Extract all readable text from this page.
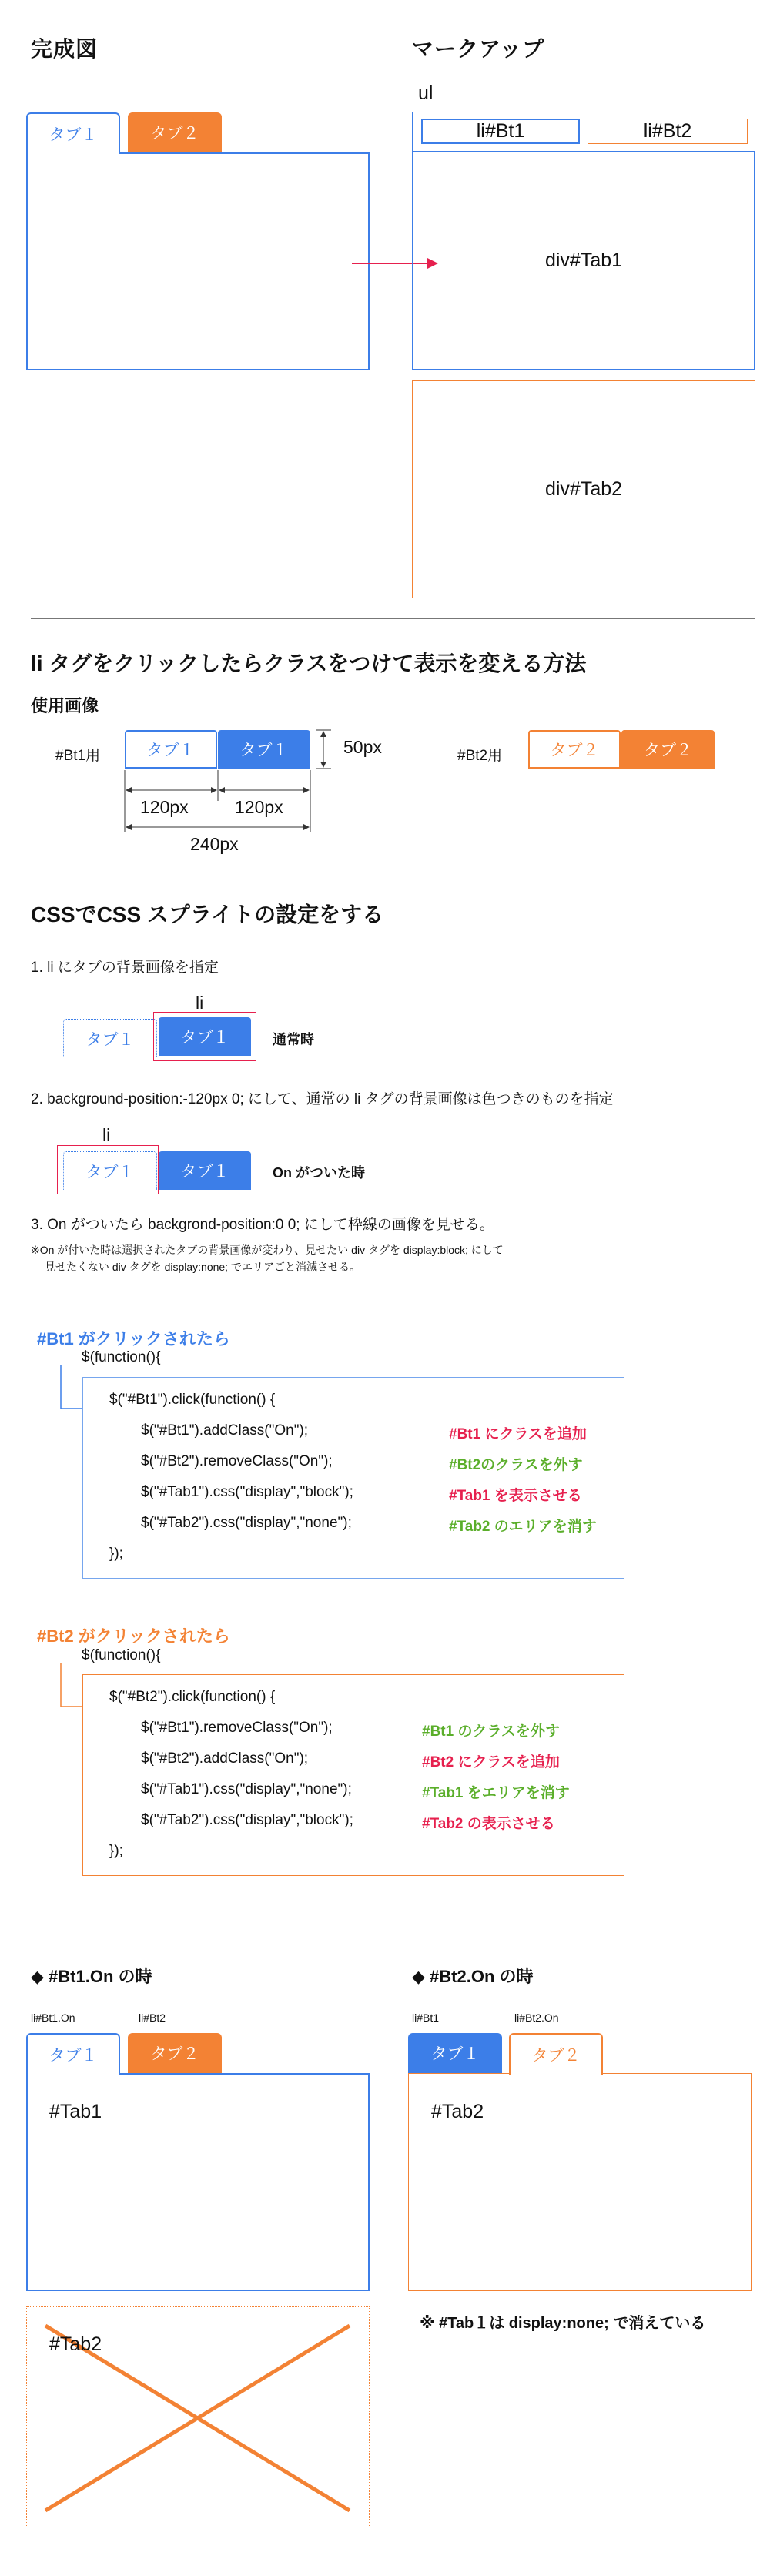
完成図	マークアップ
タブ１	タブ２
ul
li#Bt1	li#Bt2
div#Tab1
div#Tab2
li タグをクリックしたらクラスをつけて表示を変える方法
使用画像
#Bt1用	タブ１	タブ１	50px
120px	120px
240px
#Bt2用	タブ２	タブ２
CSSでCSS スプライトの設定をする
1. li にタブの背景画像を指定
li
タブ１	タブ１	通常時
2. background-position:-120px 0; にして、通常の li タグの背景画像は色つきのものを指定
li
タブ１	タブ１	On がついた時
3. On がついたら backgrond-position:0 0; にして枠線の画像を見せる。
※On が付いた時は選択されたタブの背景画像が変わり、見せたい div タグを display:block; にして
見せたくない div タグを display:none; でエリアごと消滅させる。
#Bt1 がクリックされたら
$(function(){
$("#Bt1").click(function() {
$("#Bt1").addClass("On");
$("#Bt2").removeClass("On");
$("#Tab1").css("display","block");
$("#Tab2").css("display","none");
});
#Bt1 にクラスを追加
#Bt2のクラスを外す
#Tab1 を表示させる
#Tab2 のエリアを消す
#Bt2 がクリックされたら
$(function(){
$("#Bt2").click(function() {
$("#Bt1").removeClass("On");
$("#Bt2").addClass("On");
$("#Tab1").css("display","none");
$("#Tab2").css("display","block");
});
#Bt1 のクラスを外す
#Bt2 にクラスを追加
#Tab1 をエリアを消す
#Tab2 の表示させる
◆ #Bt1.On の時	◆ #Bt2.On の時
li#Bt1.On	li#Bt2
タブ１	タブ２
#Tab1
#Tab2
li#Bt1	li#Bt2.On
タブ１	タブ２
#Tab2
※ #Tab１は display:none; で消えている
